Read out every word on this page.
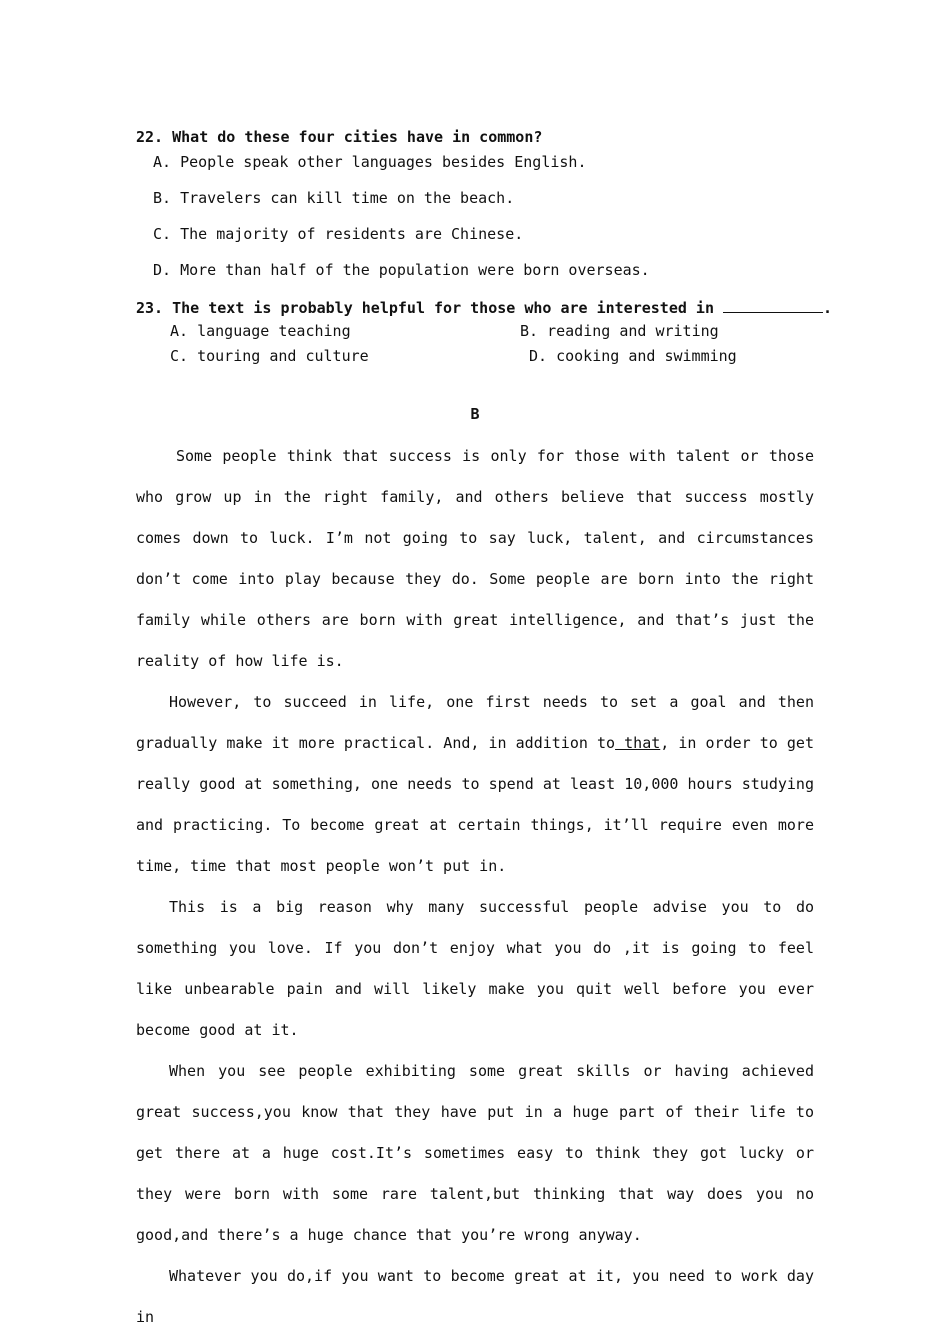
22. What do these four cities have in common?
A. People speak other languages besides English.
B. Travelers can kill time on the beach.
C. The majority of residents are Chinese.
D. More than half of the population were born overseas.
23. The text is probably helpful for those who are interested in	.
A. language teaching	B. reading and writing
C. touring and culture	D. cooking and swimming
B

Some people think that success is only for those with talent or those who grow up in the right family, and others believe that success mostly comes down to luck. I’m not going to say luck, talent, and circumstances don’t come into play because they do. Some people are born into the right family while others are born with great intelligence, and that’s just the reality of how life is.

However, to succeed in life, one first needs to set a goal and then gradually make it more practical. And, in addition to that, in order to get really good at something, one needs to spend at least 10,000 hours studying and practicing. To become great at certain things, it’ll require even more time, time that most people won’t put in.

This is a big reason why many successful people advise you to do something you love. If you don’t enjoy what you do ,it is going to feel like unbearable pain and will likely make you quit well before you ever become good at it.

When you see people exhibiting some great skills or having achieved great success,you know that they have put in a huge part of their life to get there at a huge cost.It’s sometimes easy to think they got lucky or they were born with some rare talent,but thinking that way does you no good,and there’s a huge chance that you’re wrong anyway.

Whatever you do,if you want to become great at it, you need to work day in
